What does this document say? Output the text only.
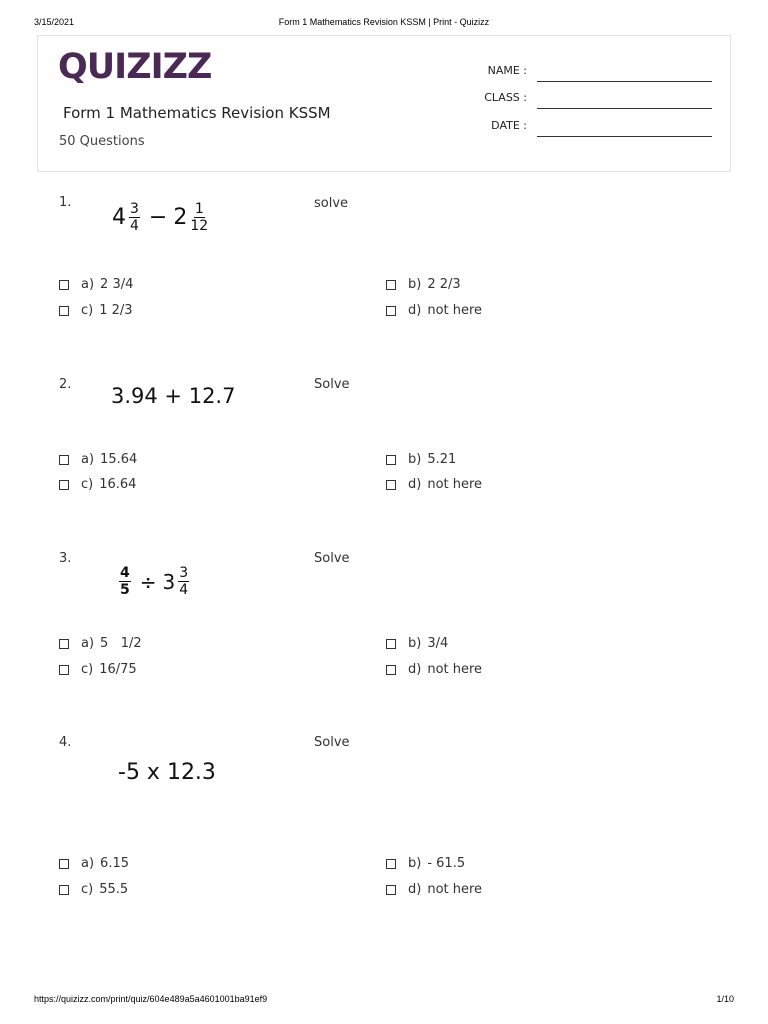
3/15/2021	Form 1 Mathematics Revision KSSM | Print - Quizizz
QUIZIZZ
Form 1 Mathematics Revision KSSM
50 Questions
NAME :
CLASS :
DATE :
1.	solve
$4 \frac{3}{4} - 2 \frac{1}{12}$
a) 2 3/4	b) 2 2/3
c) 1 2/3	d) not here
2.	Solve
3.94 + 12.7
a) 15.64	b) 5.21
c) 16.64	d) not here
3.	Solve
$\frac{4}{5} \div 3 \frac{3}{4}$
a) 5   1/2	b) 3/4
c) 16/75	d) not here
4.	Solve
-5 x 12.3
a) 6.15	b) - 61.5
c) 55.5	d) not here
https://quizizz.com/print/quiz/604e489a5a4601001ba91ef9	1/10
